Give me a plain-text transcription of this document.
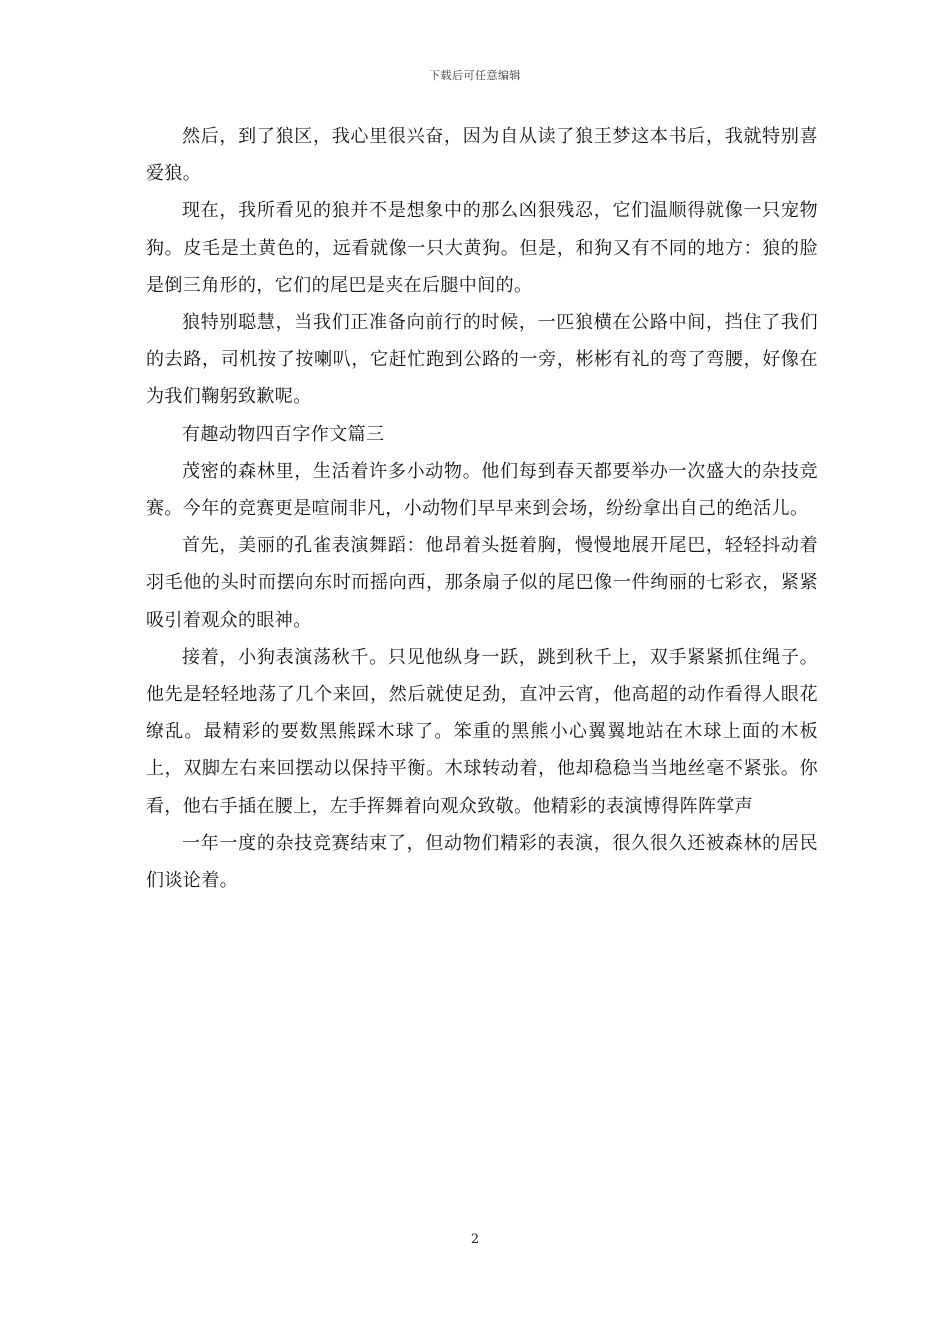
下载后可任意编辑

然后，到了狼区，我心里很兴奋，因为自从读了狼王梦这本书后，我就特别喜爱狼。

现在，我所看见的狼并不是想象中的那么凶狠残忍，它们温顺得就像一只宠物狗。皮毛是土黄色的，远看就像一只大黄狗。但是，和狗又有不同的地方：狼的脸是倒三角形的，它们的尾巴是夹在后腿中间的。

狼特别聪慧，当我们正准备向前行的时候，一匹狼横在公路中间，挡住了我们的去路，司机按了按喇叭，它赶忙跑到公路的一旁，彬彬有礼的弯了弯腰，好像在为我们鞠躬致歉呢。

有趣动物四百字作文篇三

茂密的森林里，生活着许多小动物。他们每到春天都要举办一次盛大的杂技竞赛。今年的竞赛更是喧闹非凡，小动物们早早来到会场，纷纷拿出自己的绝活儿。

首先，美丽的孔雀表演舞蹈：他昂着头挺着胸，慢慢地展开尾巴，轻轻抖动着羽毛他的头时而摆向东时而摇向西，那条扇子似的尾巴像一件绚丽的七彩衣，紧紧吸引着观众的眼神。

接着，小狗表演荡秋千。只见他纵身一跃，跳到秋千上，双手紧紧抓住绳子。他先是轻轻地荡了几个来回，然后就使足劲，直冲云宵，他高超的动作看得人眼花缭乱。最精彩的要数黑熊踩木球了。笨重的黑熊小心翼翼地站在木球上面的木板上，双脚左右来回摆动以保持平衡。木球转动着，他却稳稳当当地丝毫不紧张。你看，他右手插在腰上，左手挥舞着向观众致敬。他精彩的表演博得阵阵掌声

一年一度的杂技竞赛结束了，但动物们精彩的表演，很久很久还被森林的居民们谈论着。

2
